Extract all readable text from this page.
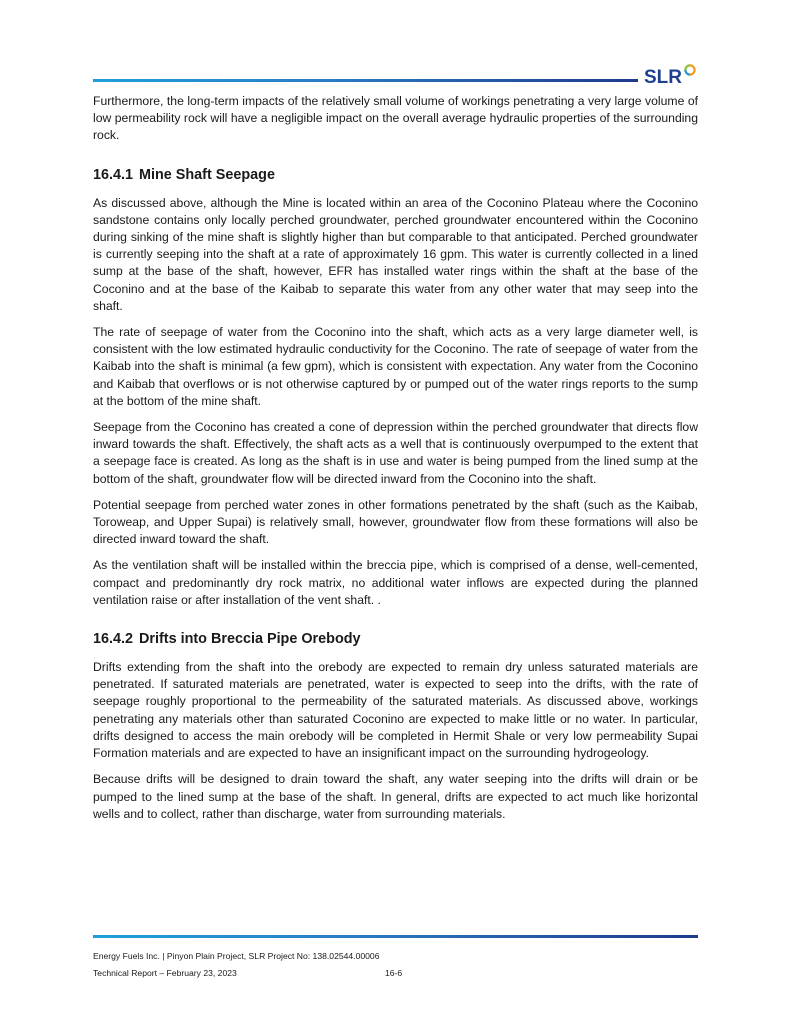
SLR

Furthermore, the long-term impacts of the relatively small volume of workings penetrating a very large volume of low permeability rock will have a negligible impact on the overall average hydraulic properties of the surrounding rock.

16.4.1 Mine Shaft Seepage

As discussed above, although the Mine is located within an area of the Coconino Plateau where the Coconino sandstone contains only locally perched groundwater, perched groundwater encountered within the Coconino during sinking of the mine shaft is slightly higher than but comparable to that anticipated. Perched groundwater is currently seeping into the shaft at a rate of approximately 16 gpm. This water is currently collected in a lined sump at the base of the shaft, however, EFR has installed water rings within the shaft at the base of the Coconino and at the base of the Kaibab to separate this water from any other water that may seep into the shaft.

The rate of seepage of water from the Coconino into the shaft, which acts as a very large diameter well, is consistent with the low estimated hydraulic conductivity for the Coconino. The rate of seepage of water from the Kaibab into the shaft is minimal (a few gpm), which is consistent with expectation. Any water from the Coconino and Kaibab that overflows or is not otherwise captured by or pumped out of the water rings reports to the sump at the bottom of the mine shaft.

Seepage from the Coconino has created a cone of depression within the perched groundwater that directs flow inward towards the shaft. Effectively, the shaft acts as a well that is continuously overpumped to the extent that a seepage face is created. As long as the shaft is in use and water is being pumped from the lined sump at the bottom of the shaft, groundwater flow will be directed inward from the Coconino into the shaft.

Potential seepage from perched water zones in other formations penetrated by the shaft (such as the Kaibab, Toroweap, and Upper Supai) is relatively small, however, groundwater flow from these formations will also be directed inward toward the shaft.

As the ventilation shaft will be installed within the breccia pipe, which is comprised of a dense, well-cemented, compact and predominantly dry rock matrix, no additional water inflows are expected during the planned ventilation raise or after installation of the vent shaft. .

16.4.2 Drifts into Breccia Pipe Orebody

Drifts extending from the shaft into the orebody are expected to remain dry unless saturated materials are penetrated. If saturated materials are penetrated, water is expected to seep into the drifts, with the rate of seepage roughly proportional to the permeability of the saturated materials. As discussed above, workings penetrating any materials other than saturated Coconino are expected to make little or no water. In particular, drifts designed to access the main orebody will be completed in Hermit Shale or very low permeability Supai Formation materials and are expected to have an insignificant impact on the surrounding hydrogeology.

Because drifts will be designed to drain toward the shaft, any water seeping into the drifts will drain or be pumped to the lined sump at the base of the shaft. In general, drifts are expected to act much like horizontal wells and to collect, rather than discharge, water from surrounding materials.

Energy Fuels Inc. | Pinyon Plain Project, SLR Project No: 138.02544.00006
Technical Report – February 23, 2023	16-6
